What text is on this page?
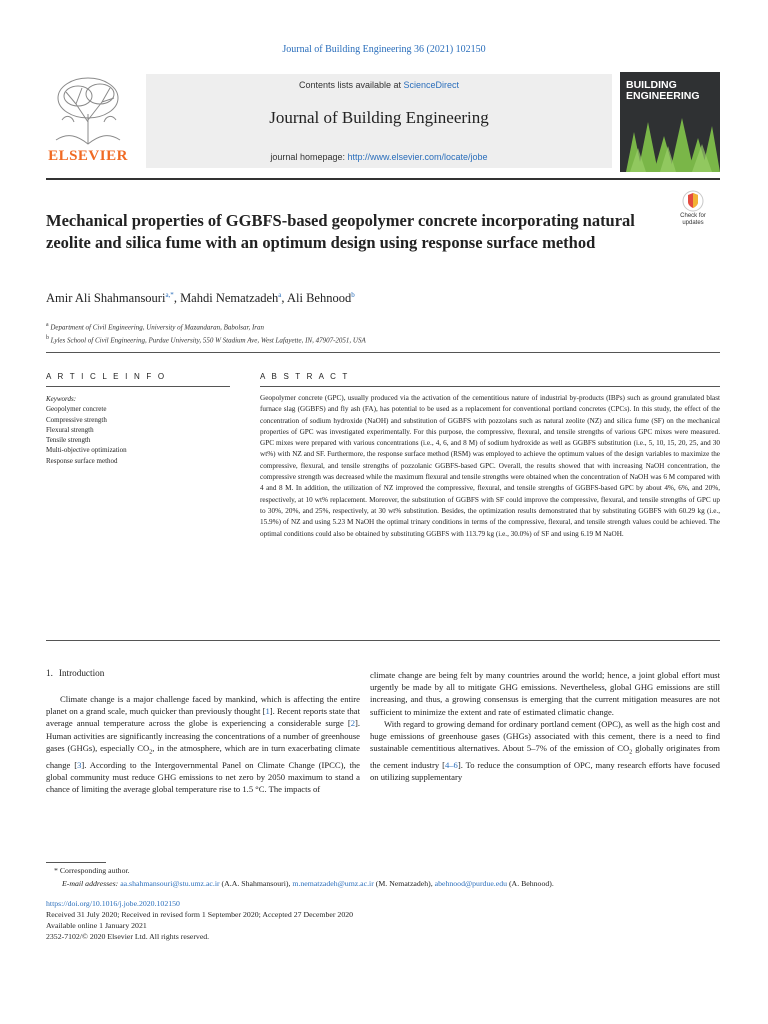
Journal of Building Engineering 36 (2021) 102150
ELSEVIER
Contents lists available at ScienceDirect
Journal of Building Engineering
journal homepage: http://www.elsevier.com/locate/jobe
BUILDING
ENGINEERING
Mechanical properties of GGBFS-based geopolymer concrete incorporating natural zeolite and silica fume with an optimum design using response surface method
Check for updates
Amir Ali Shahmansouri$^{a,*}$, Mahdi Nematzadeh$^a$, Ali Behnood$^b$
$^a$ Department of Civil Engineering, University of Mazandaran, Babolsar, Iran
$^b$ Lyles School of Civil Engineering, Purdue University, 550 W Stadium Ave, West Lafayette, IN, 47907-2051, USA
A R T I C L E I N F O
Keywords:
Geopolymer concrete
Compressive strength
Flexural strength
Tensile strength
Multi-objective optimization
Response surface method
A B S T R A C T
Geopolymer concrete (GPC), usually produced via the activation of the cementitious nature of industrial by-products (IBPs) such as ground granulated blast furnace slag (GGBFS) and fly ash (FA), has potential to be used as a replacement for conventional portland concretes (CPCs). In this study, the effect of the concentration of sodium hydroxide (NaOH) and substitution of GGBFS with pozzolans such as natural zeolite (NZ) and silica fume (SF) on the mechanical properties of GPC was investigated experimentally. For this purpose, the compressive, flexural, and tensile strengths of various GPC mixes were measured. GPC mixes were prepared with various concentrations (i.e., 4, 6, and 8 M) of sodium hydroxide as well as GGBFS substitution (i.e., 5, 10, 15, 20, 25, and 30 wt%) with NZ and SF. Furthermore, the response surface method (RSM) was employed to achieve the optimum values of the design variables to maximize the compressive, flexural, and tensile strengths of pozzolanic GGBFS-based GPC. Overall, the results showed that with increasing NaOH concentration, the compressive strength was decreased while the maximum flexural and tensile strengths were obtained when the concentration of NaOH was 6 M compared with 4 and 8 M. In addition, the utilization of NZ improved the compressive, flexural, and tensile strengths of GGBFS-based GPC by about 4%, 6%, and 20%, respectively, at 10 wt% replacement. Moreover, the substitution of GGBFS with SF could improve the compressive, flexural, and tensile strengths of GPC up to 30%, 20%, and 25%, respectively, at 30 wt% substitution. Besides, the optimization results demonstrated that by substituting GGBFS with 60.29 kg (i.e., 15.9%) of NZ and using 5.23 M NaOH the optimal trinary conditions in terms of the compressive, flexural, and tensile strength values could be achieved. The optimal conditions could also be obtained by substituting GGBFS with 113.79 kg (i.e., 30.0%) of SF and using 6.19 M NaOH.
1. Introduction

Climate change is a major challenge faced by mankind, which is affecting the entire planet on a grand scale, much quicker than previously thought [1]. Recent reports state that average annual temperature across the globe is experiencing a considerable surge [2]. Human activities are significantly increasing the concentrations of a number of greenhouse gases (GHGs), especially $CO_2$, in the atmosphere, which are in turn exacerbating climate change [3]. According to the Intergovernmental Panel on Climate Change (IPCC), the global community must reduce GHG emissions to net zero by 2050 maximum to stand a chance of limiting the average global temperature rise to 1.5 °C. The impacts of

climate change are being felt by many countries around the world; hence, a joint global effort must urgently be made by all to mitigate GHG emissions. Nevertheless, global GHG emissions are still increasing, and thus, a growing consensus is emerging that the current mitigation measures are not sufficient to minimize the extent and rate of estimated climatic change.

With regard to growing demand for ordinary portland cement (OPC), as well as the high cost and huge emissions of greenhouse gases (GHGs) associated with this cement, there is a need to find sustainable cementitious alternatives. About 5–7% of the emission of $CO_2$ globally originates from the cement industry [4–6]. To reduce the consumption of OPC, many research efforts have focused on utilizing supplementary

* Corresponding author.
E-mail addresses: aa.shahmansouri@stu.umz.ac.ir (A.A. Shahmansouri), m.nematzadeh@umz.ac.ir (M. Nematzadeh), abehnood@purdue.edu (A. Behnood).
https://doi.org/10.1016/j.jobe.2020.102150
Received 31 July 2020; Received in revised form 1 September 2020; Accepted 27 December 2020
Available online 1 January 2021
2352-7102/© 2020 Elsevier Ltd. All rights reserved.
